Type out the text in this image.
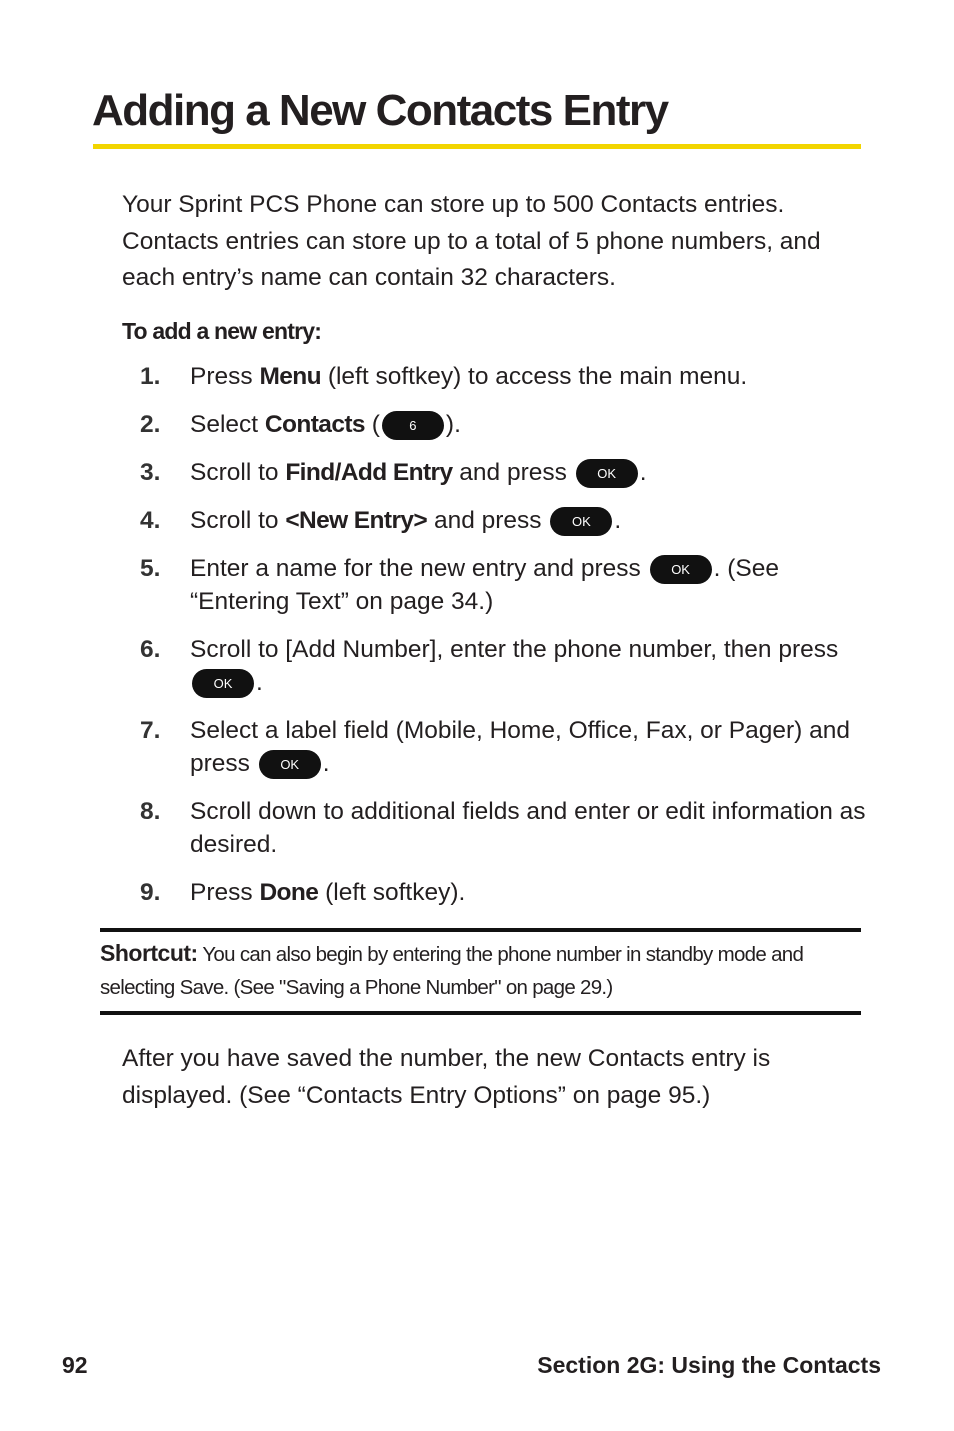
Adding a New Contacts Entry

Your Sprint PCS Phone can store up to 500 Contacts entries. Contacts entries can store up to a total of 5 phone numbers, and each entry’s name can contain 32 characters.

To add a new entry:

1.	Press Menu (left softkey) to access the main menu.
2.	Select Contacts ( 6 ).
3.	Scroll to Find/Add Entry and press OK .
4.	Scroll to <New Entry> and press OK .
5.	Enter a name for the new entry and press OK . (See “Entering Text” on page 34.)
6.	Scroll to [Add Number], enter the phone number, then press OK .
7.	Select a label field (Mobile, Home, Office, Fax, or Pager) and press OK .
8.	Scroll down to additional fields and enter or edit information as desired.
9.	Press Done (left softkey).

Shortcut: You can also begin by entering the phone number in standby mode and selecting Save. (See "Saving a Phone Number" on page 29.)

After you have saved the number, the new Contacts entry is displayed. (See “Contacts Entry Options” on page 95.)

92	Section 2G: Using the Contacts
